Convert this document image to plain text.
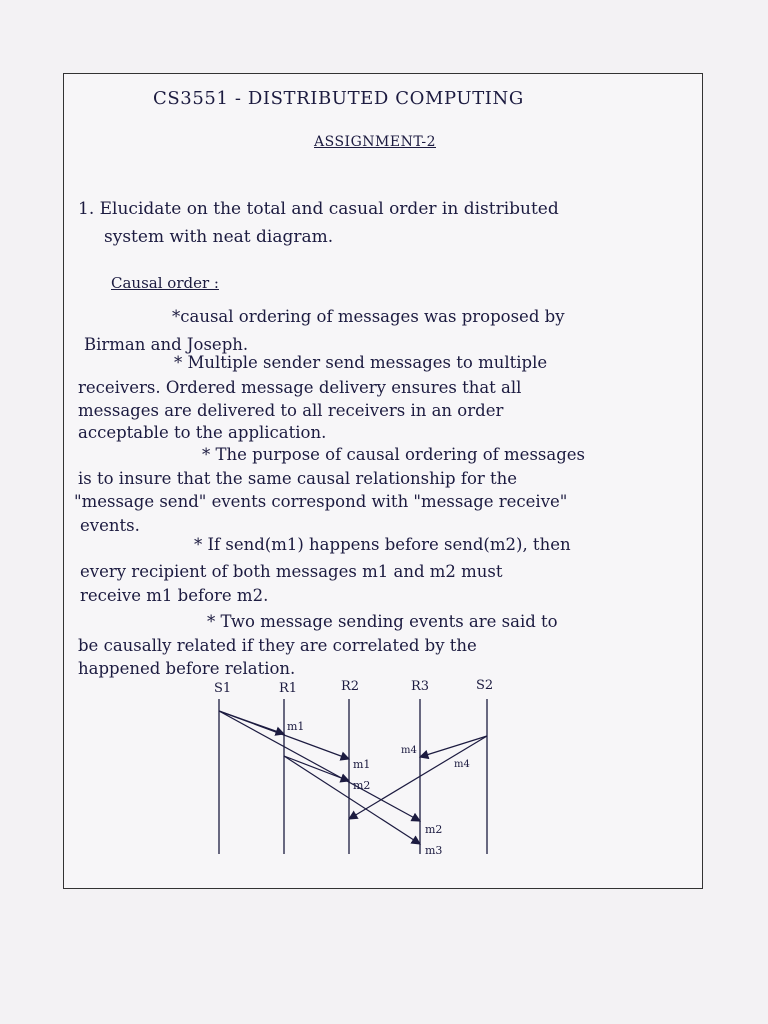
CS3551 - DISTRIBUTED COMPUTING
ASSIGNMENT-2
1. Elucidate on the total and casual order in distributed
system with neat diagram.
Causal order :
*causal ordering of messages was proposed by
Birman and Joseph.
* Multiple sender send messages to multiple
receivers. Ordered message delivery ensures that all
messages are delivered to all receivers in an order
acceptable to the application.
* The purpose of causal ordering of messages
is to insure that the same causal relationship for the
"message send" events correspond with "message receive"
events.
* If send(m1) happens before send(m2), then
every recipient of both messages m1 and m2 must
receive m1 before m2.
* Two message sending events are said to
be causally related if they are correlated by the
happened before relation.
S1	R1	R2	R3	S2
m1
m4
m4
m1
m2
m2
m3
